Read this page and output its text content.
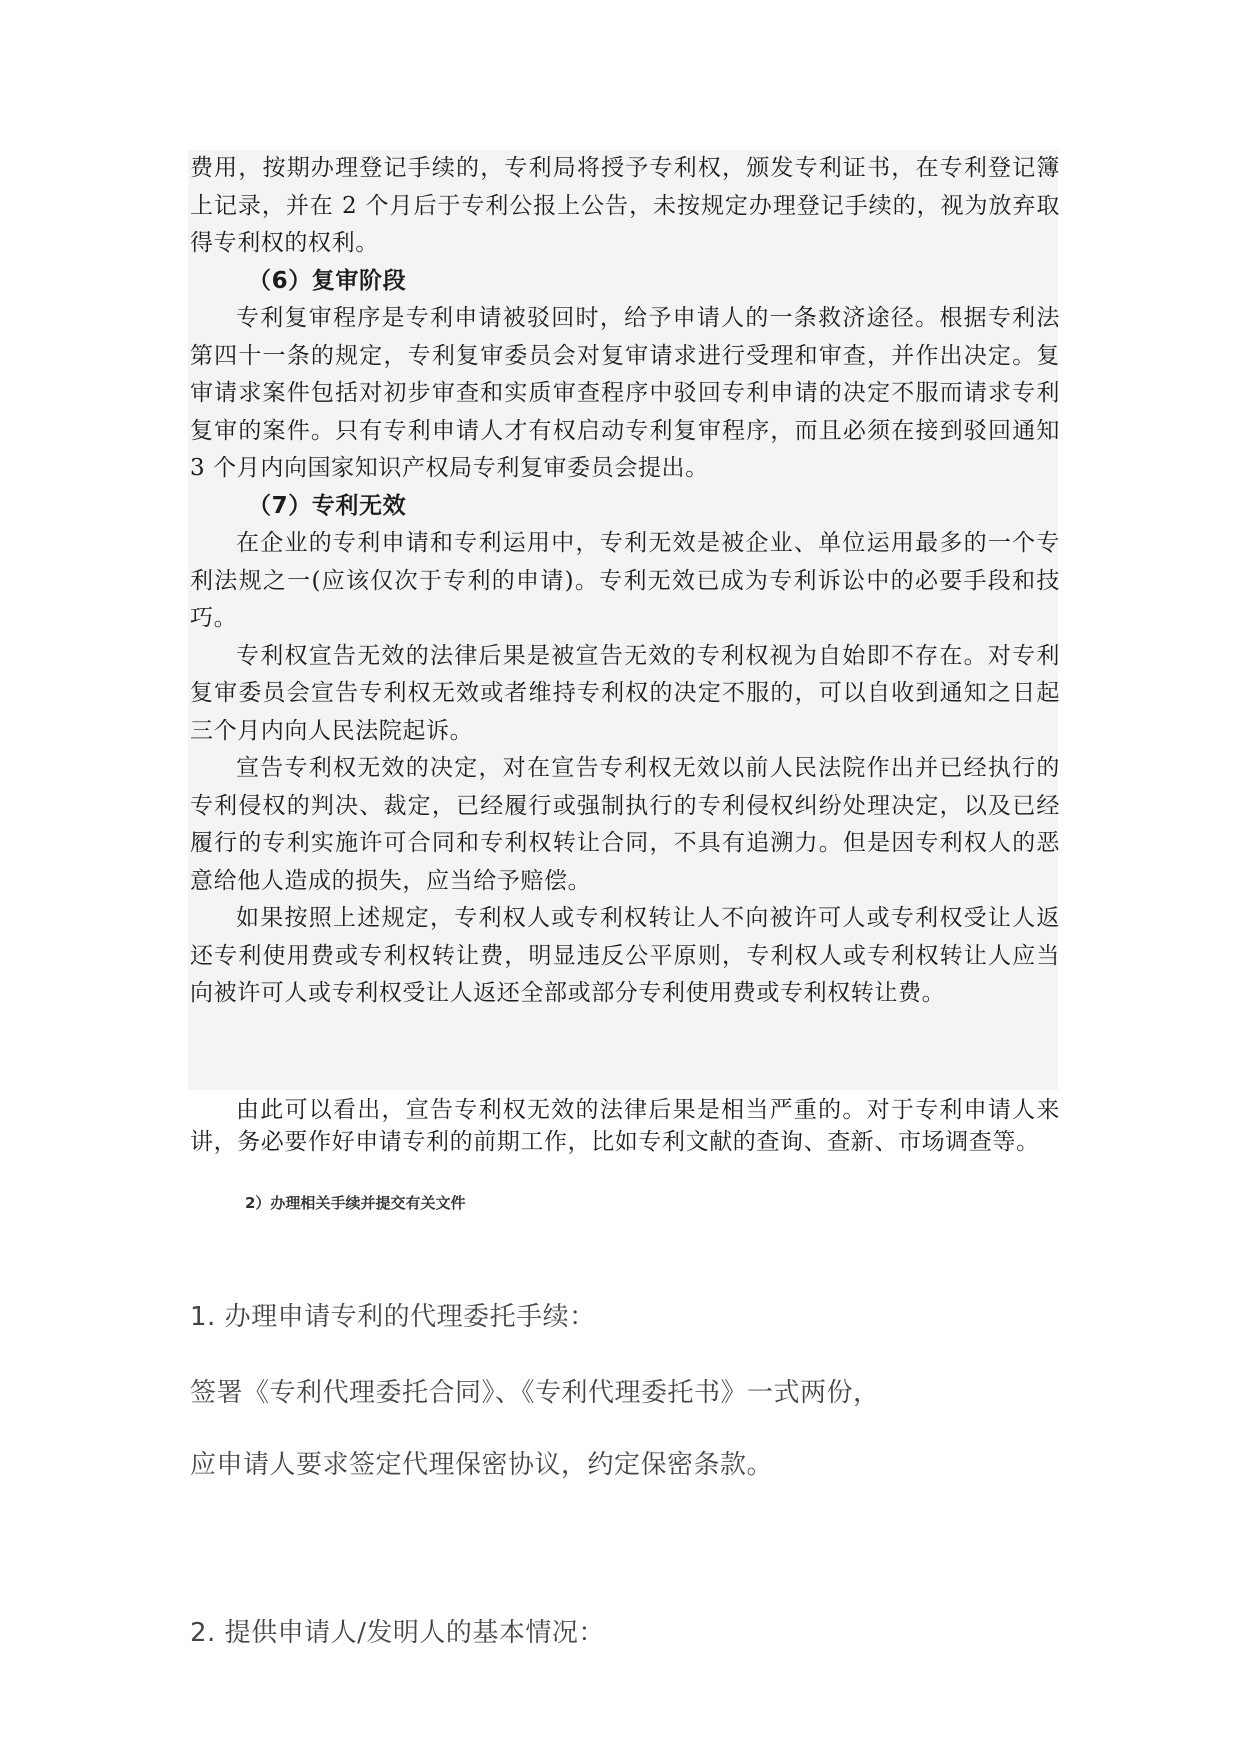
费用，按期办理登记手续的，专利局将授予专利权，颁发专利证书，在专利登记簿上记录，并在 2 个月后于专利公报上公告，未按规定办理登记手续的，视为放弃取得专利权的权利。

（6）复审阶段

专利复审程序是专利申请被驳回时，给予申请人的一条救济途径。根据专利法第四十一条的规定，专利复审委员会对复审请求进行受理和审查，并作出决定。复审请求案件包括对初步审查和实质审查程序中驳回专利申请的决定不服而请求专利复审的案件。只有专利申请人才有权启动专利复审程序，而且必须在接到驳回通知 3 个月内向国家知识产权局专利复审委员会提出。

（7）专利无效

在企业的专利申请和专利运用中，专利无效是被企业、单位运用最多的一个专利法规之一(应该仅次于专利的申请)。专利无效已成为专利诉讼中的必要手段和技巧。

专利权宣告无效的法律后果是被宣告无效的专利权视为自始即不存在。对专利复审委员会宣告专利权无效或者维持专利权的决定不服的，可以自收到通知之日起三个月内向人民法院起诉。

宣告专利权无效的决定，对在宣告专利权无效以前人民法院作出并已经执行的专利侵权的判决、裁定，已经履行或强制执行的专利侵权纠纷处理决定，以及已经履行的专利实施许可合同和专利权转让合同，不具有追溯力。但是因专利权人的恶意给他人造成的损失，应当给予赔偿。

如果按照上述规定，专利权人或专利权转让人不向被许可人或专利权受让人返还专利使用费或专利权转让费，明显违反公平原则，专利权人或专利权转让人应当向被许可人或专利权受让人返还全部或部分专利使用费或专利权转让费。

由此可以看出，宣告专利权无效的法律后果是相当严重的。对于专利申请人来讲，务必要作好申请专利的前期工作，比如专利文献的查询、查新、市场调查等。

2）办理相关手续并提交有关文件
1. 办理申请专利的代理委托手续：
签署《专利代理委托合同》、《专利代理委托书》一式两份，
应申请人要求签定代理保密协议，约定保密条款。
2. 提供申请人/发明人的基本情况：
